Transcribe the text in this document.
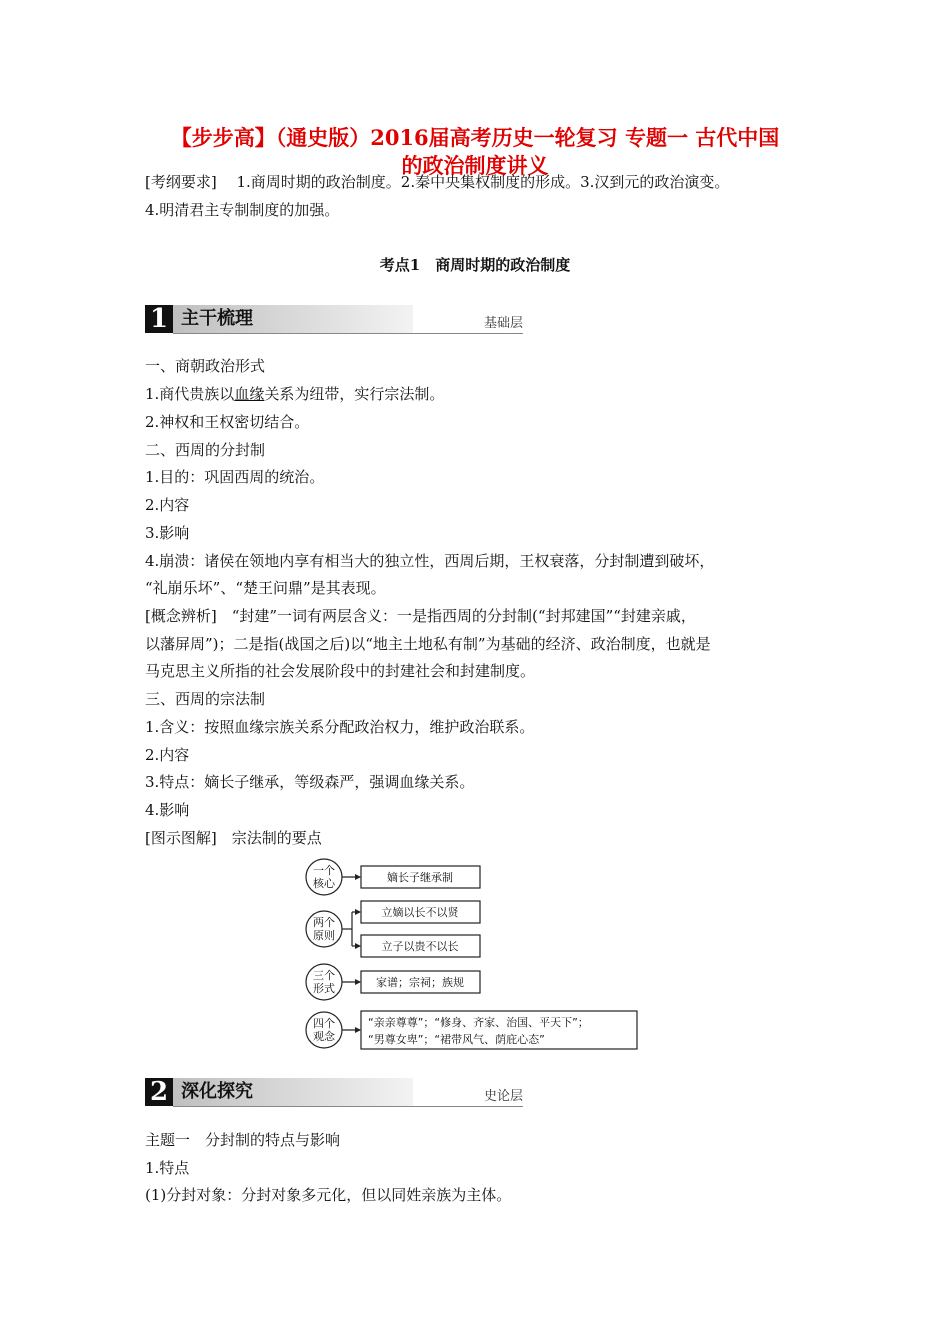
【步步高】（通史版）2016届高考历史一轮复习 专题一 古代中国
的政治制度讲义
[考纲要求]　 1.商周时期的政治制度。2.秦中央集权制度的形成。3.汉到元的政治演变。
4.明清君主专制制度的加强。
考点1　商周时期的政治制度
1 主干梳理	基础层
一、商朝政治形式
1.商代贵族以血缘关系为纽带，实行宗法制。
2.神权和王权密切结合。
二、西周的分封制
1.目的：巩固西周的统治。
2.内容
3.影响
4.崩溃：诸侯在领地内享有相当大的独立性，西周后期，王权衰落，分封制遭到破坏，
“礼崩乐坏”、“楚王问鼎”是其表现。
[概念辨析]　“封建”一词有两层含义：一是指西周的分封制(“封邦建国”“封建亲戚，
以藩屏周”)；二是指(战国之后)以“地主土地私有制”为基础的经济、政治制度，也就是
马克思主义所指的社会发展阶段中的封建社会和封建制度。
三、西周的宗法制
1.含义：按照血缘宗族关系分配政治权力，维护政治联系。
2.内容
3.特点：嫡长子继承，等级森严，强调血缘关系。
4.影响
[图示图解]　宗法制的要点
一个
核心
两个
原则
三个
形式
四个
观念
嫡长子继承制
立嫡以长不以贤
立子以贵不以长
家谱；宗祠；族规
“亲亲尊尊”；“修身、齐家、治国、平天下”；
“男尊女卑”；“裙带风气、荫庇心态”
2 深化探究	史论层
主题一　分封制的特点与影响
1.特点
(1)分封对象：分封对象多元化，但以同姓亲族为主体。
